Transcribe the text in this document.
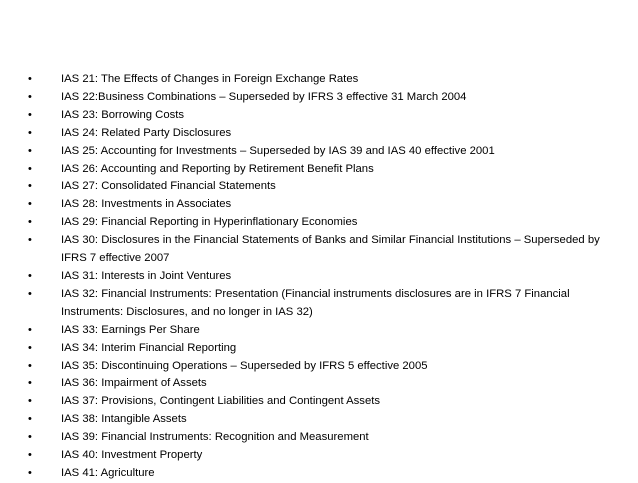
•	IAS 21: The Effects of Changes in Foreign Exchange Rates
•	IAS 22:Business Combinations – Superseded by IFRS 3 effective 31 March 2004
•	IAS 23: Borrowing Costs
•	IAS 24: Related Party Disclosures
•	IAS 25: Accounting for Investments – Superseded by IAS 39 and IAS 40 effective 2001
•	IAS 26: Accounting and Reporting by Retirement Benefit Plans
•	IAS 27: Consolidated Financial Statements
•	IAS 28: Investments in Associates
•	IAS 29: Financial Reporting in Hyperinflationary Economies
•	IAS 30: Disclosures in the Financial Statements of Banks and Similar Financial Institutions – Superseded by IFRS 7 effective 2007
•	IAS 31: Interests in Joint Ventures
•	IAS 32: Financial Instruments: Presentation (Financial instruments disclosures are in IFRS 7 Financial Instruments: Disclosures, and no longer in IAS 32)
•	IAS 33: Earnings Per Share
•	IAS 34: Interim Financial Reporting
•	IAS 35: Discontinuing Operations – Superseded by IFRS 5 effective 2005
•	IAS 36: Impairment of Assets
•	IAS 37: Provisions, Contingent Liabilities and Contingent Assets
•	IAS 38: Intangible Assets
•	IAS 39: Financial Instruments: Recognition and Measurement
•	IAS 40: Investment Property
•	IAS 41: Agriculture
